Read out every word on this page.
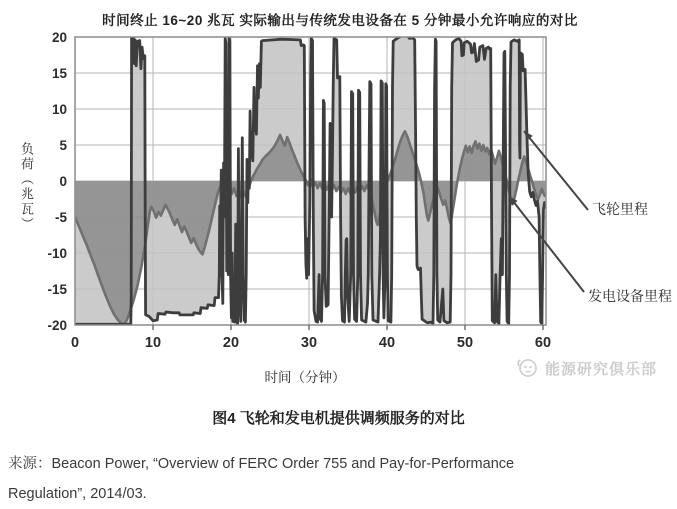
时间终止 16~20 兆瓦 实际输出与传统发电设备在 5 分钟最小允许响应的对比
0	10	20	30	40	50	60
20
15
10
5
0
-5
-10
-15
-20
负荷（兆瓦）
时间（分钟）
飞轮里程
发电设备里程
能源研究俱乐部
图4 飞轮和发电机提供调频服务的对比
来源：Beacon Power, “Overview of FERC Order 755 and Pay-for-Performance
Regulation”, 2014/03.
